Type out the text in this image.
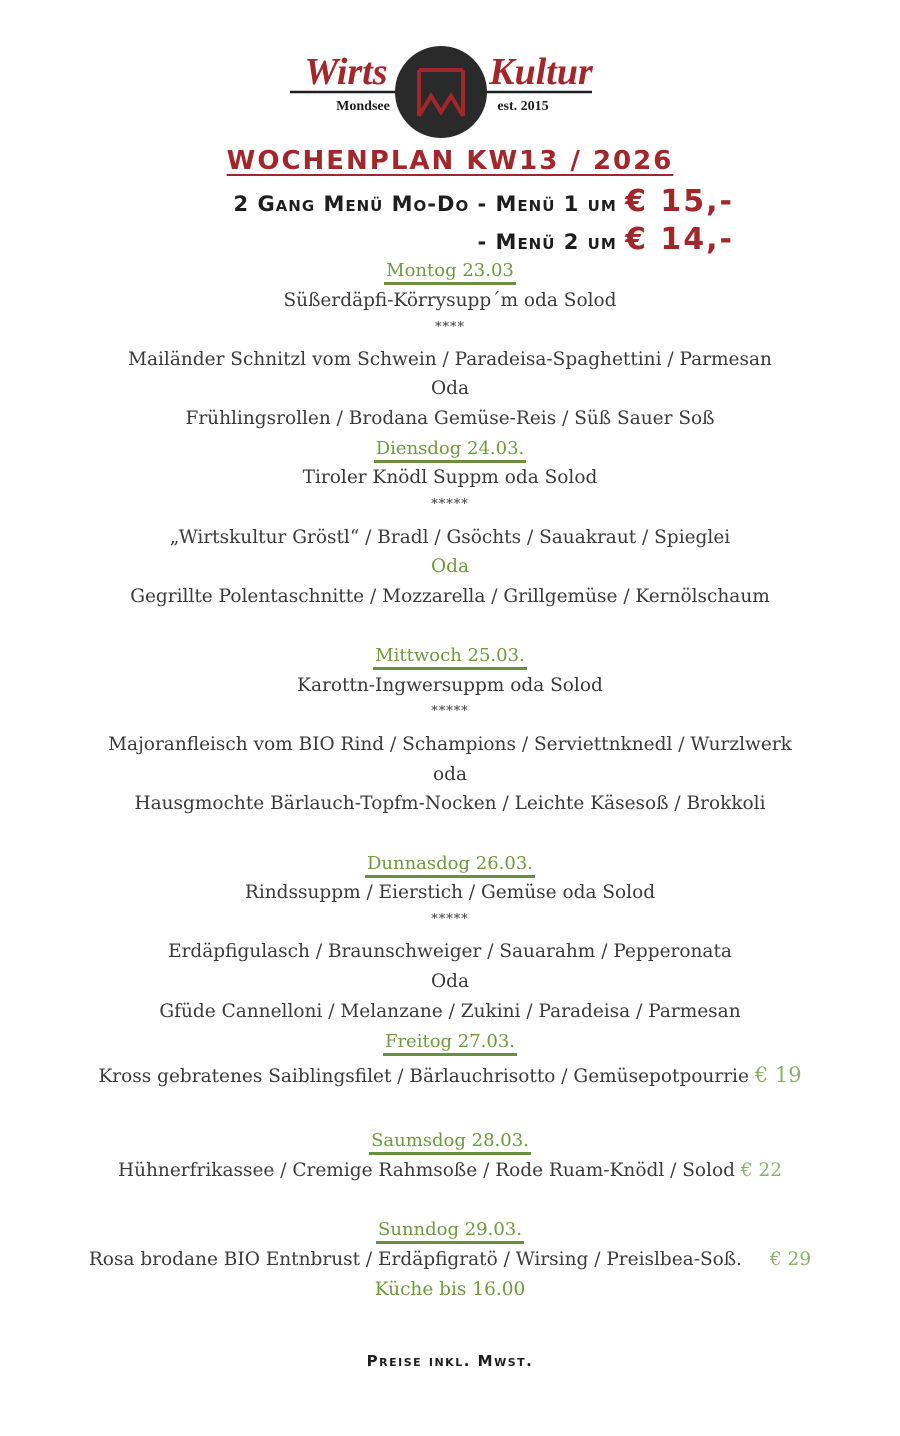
Wirts	Kultur
Mondsee	est. 2015
WOCHENPLAN KW13 / 2026
2 Gang Menü Mo-Do - Menü 1 um € 15,-
- Menü 2 um € 14,-
Montog 23.03
Süßerdäpfi-Körrysupp´m oda Solod
****
Mailänder Schnitzl vom Schwein / Paradeisa-Spaghettini / Parmesan
Oda
Frühlingsrollen / Brodana Gemüse-Reis / Süß Sauer Soß
Diensdog 24.03.
Tiroler Knödl Suppm oda Solod
*****
„Wirtskultur Gröstl“ / Bradl / Gsöchts / Sauakraut / Spieglei
Oda
Gegrillte Polentaschnitte / Mozzarella / Grillgemüse / Kernölschaum
Mittwoch 25.03.
Karottn-Ingwersuppm oda Solod
*****
Majoranfleisch vom BIO Rind / Schampions / Serviettnknedl / Wurzlwerk
oda
Hausgmochte Bärlauch-Topfm-Nocken / Leichte Käsesoß / Brokkoli
Dunnasdog 26.03.
Rindssuppm / Eierstich / Gemüse oda Solod
*****
Erdäpfigulasch / Braunschweiger / Sauarahm / Pepperonata
Oda
Gfüde Cannelloni / Melanzane / Zukini / Paradeisa / Parmesan
Freitog 27.03.
Kross gebratenes Saiblingsfilet / Bärlauchrisotto / Gemüsepotpourrie € 19
Saumsdog 28.03.
Hühnerfrikassee / Cremige Rahmsoße / Rode Ruam-Knödl / Solod € 22
Sunndog 29.03.
Rosa brodane BIO Entnbrust / Erdäpfigratö / Wirsing / Preislbea-Soß. € 29
Küche bis 16.00
Preise inkl. Mwst.
